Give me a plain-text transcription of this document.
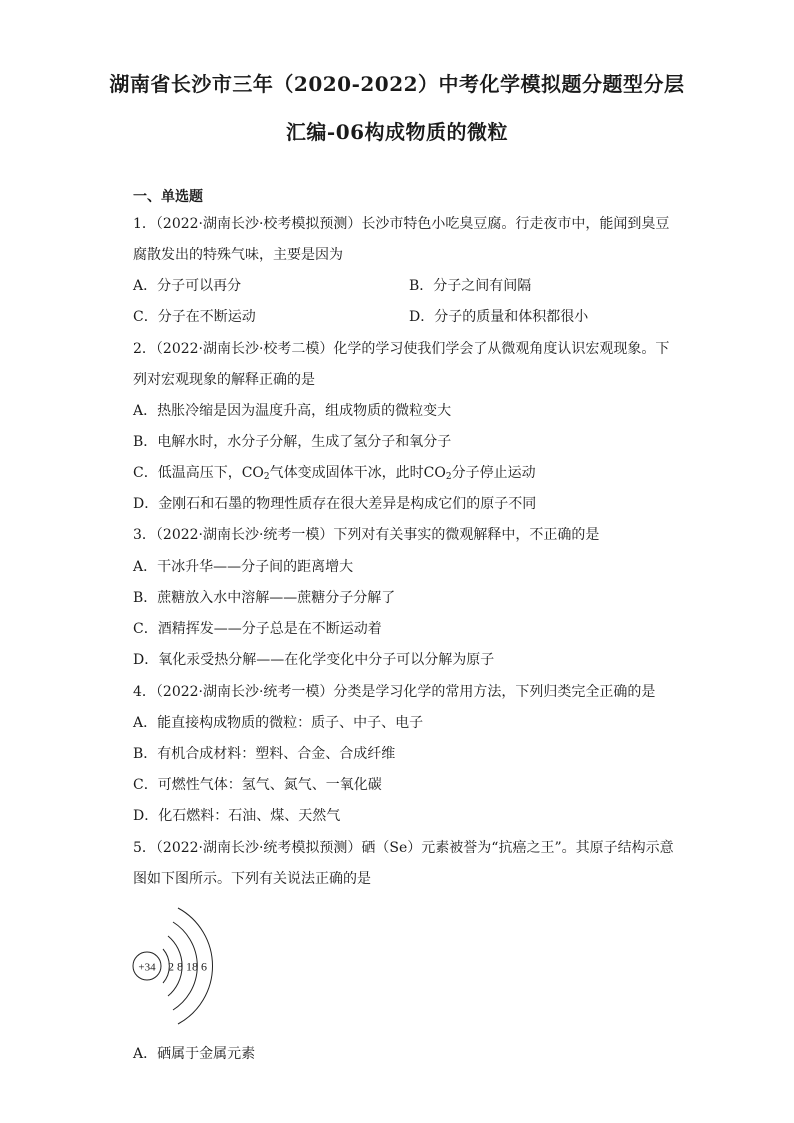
湖南省长沙市三年（2020-2022）中考化学模拟题分题型分层
汇编-06构成物质的微粒
一、单选题
1．（2022·湖南长沙·校考模拟预测）长沙市特色小吃臭豆腐。行走夜市中，能闻到臭豆
腐散发出的特殊气味，主要是因为
A．分子可以再分	B．分子之间有间隔
C．分子在不断运动	D．分子的质量和体积都很小
2．（2022·湖南长沙·校考二模）化学的学习使我们学会了从微观角度认识宏观现象。下
列对宏观现象的解释正确的是
A．热胀冷缩是因为温度升高，组成物质的微粒变大
B．电解水时，水分子分解，生成了氢分子和氧分子
C．低温高压下，$CO_2$气体变成固体干冰，此时$CO_2$分子停止运动
D．金刚石和石墨的物理性质存在很大差异是构成它们的原子不同
3．（2022·湖南长沙·统考一模）下列对有关事实的微观解释中，不正确的是
A．干冰升华——分子间的距离增大
B．蔗糖放入水中溶解——蔗糖分子分解了
C．酒精挥发——分子总是在不断运动着
D．氧化汞受热分解——在化学变化中分子可以分解为原子
4．（2022·湖南长沙·统考一模）分类是学习化学的常用方法，下列归类完全正确的是
A．能直接构成物质的微粒：质子、中子、电子
B．有机合成材料：塑料、合金、合成纤维
C．可燃性气体：氢气、氮气、一氧化碳
D．化石燃料：石油、煤、天然气
5．（2022·湖南长沙·统考模拟预测）硒（Se）元素被誉为“抗癌之王”。其原子结构示意
图如下图所示。下列有关说法正确的是
+34 2 8 18 6
A．硒属于金属元素
